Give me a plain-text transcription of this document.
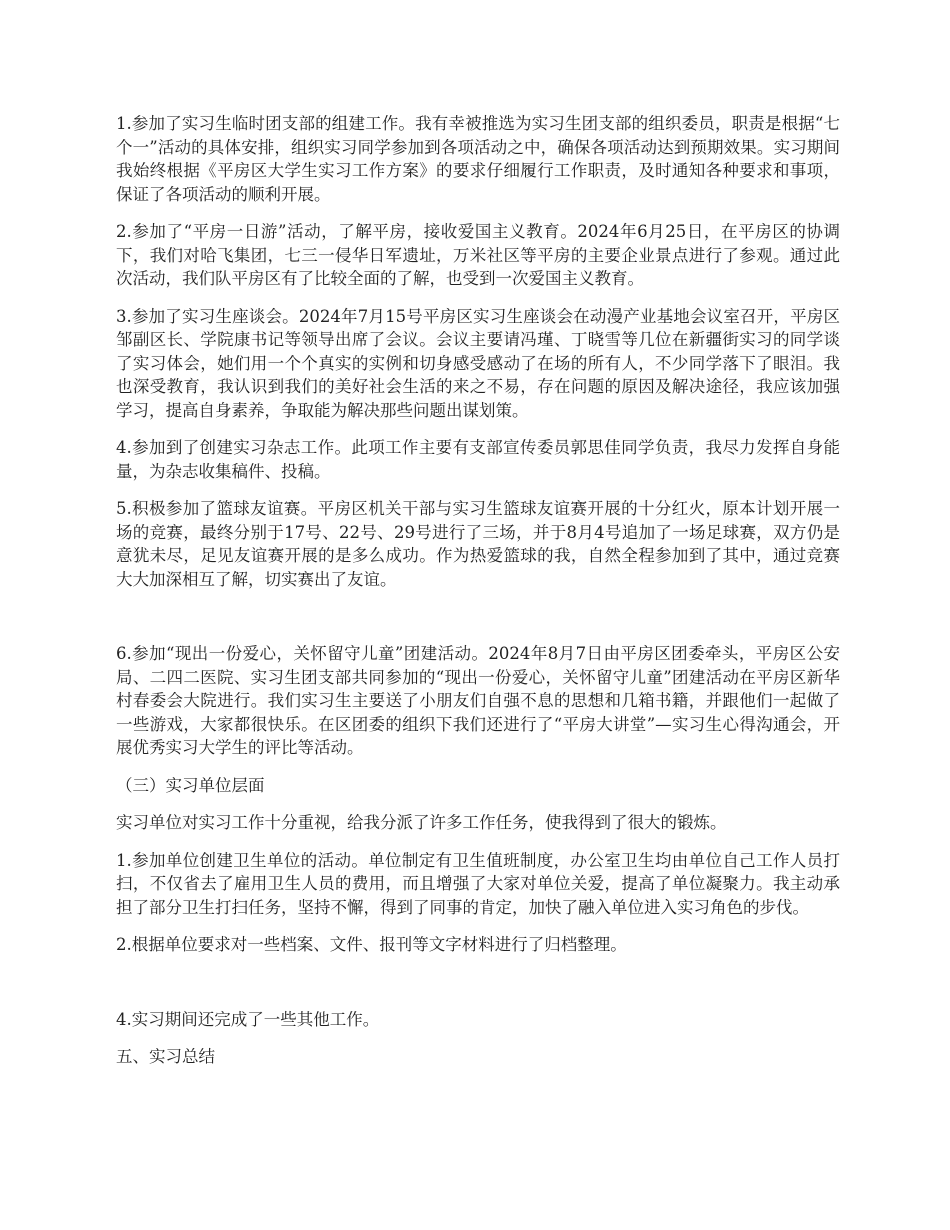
1.参加了实习生临时团支部的组建工作。我有幸被推选为实习生团支部的组织委员，职责是根据“七个一”活动的具体安排，组织实习同学参加到各项活动之中，确保各项活动达到预期效果。实习期间我始终根据《平房区大学生实习工作方案》的要求仔细履行工作职责，及时通知各种要求和事项，保证了各项活动的顺利开展。

2.参加了“平房一日游”活动，了解平房，接收爱国主义教育。2024年6月25日，在平房区的协调下，我们对哈飞集团，七三一侵华日军遗址，万米社区等平房的主要企业景点进行了参观。通过此次活动，我们队平房区有了比较全面的了解，也受到一次爱国主义教育。

3.参加了实习生座谈会。2024年7月15号平房区实习生座谈会在动漫产业基地会议室召开，平房区邹副区长、学院康书记等领导出席了会议。会议主要请冯瑾、丁晓雪等几位在新疆街实习的同学谈了实习体会，她们用一个个真实的实例和切身感受感动了在场的所有人，不少同学落下了眼泪。我也深受教育，我认识到我们的美好社会生活的来之不易，存在问题的原因及解决途径，我应该加强学习，提高自身素养，争取能为解决那些问题出谋划策。

4.参加到了创建实习杂志工作。此项工作主要有支部宣传委员郭思佳同学负责，我尽力发挥自身能量，为杂志收集稿件、投稿。

5.积极参加了篮球友谊赛。平房区机关干部与实习生篮球友谊赛开展的十分红火，原本计划开展一场的竞赛，最终分别于17号、22号、29号进行了三场，并于8月4号追加了一场足球赛，双方仍是意犹未尽，足见友谊赛开展的是多么成功。作为热爱篮球的我，自然全程参加到了其中，通过竞赛大大加深相互了解，切实赛出了友谊。

6.参加“现出一份爱心，关怀留守儿童”团建活动。2024年8月7日由平房区团委牵头，平房区公安局、二四二医院、实习生团支部共同参加的“现出一份爱心，关怀留守儿童”团建活动在平房区新华村春委会大院进行。我们实习生主要送了小朋友们自强不息的思想和几箱书籍，并跟他们一起做了一些游戏，大家都很快乐。在区团委的组织下我们还进行了“平房大讲堂”—实习生心得沟通会，开展优秀实习大学生的评比等活动。

（三）实习单位层面

实习单位对实习工作十分重视，给我分派了许多工作任务，使我得到了很大的锻炼。

1.参加单位创建卫生单位的活动。单位制定有卫生值班制度，办公室卫生均由单位自己工作人员打扫，不仅省去了雇用卫生人员的费用，而且增强了大家对单位关爱，提高了单位凝聚力。我主动承担了部分卫生打扫任务，坚持不懈，得到了同事的肯定，加快了融入单位进入实习角色的步伐。

2.根据单位要求对一些档案、文件、报刊等文字材料进行了归档整理。

4.实习期间还完成了一些其他工作。

五、实习总结
